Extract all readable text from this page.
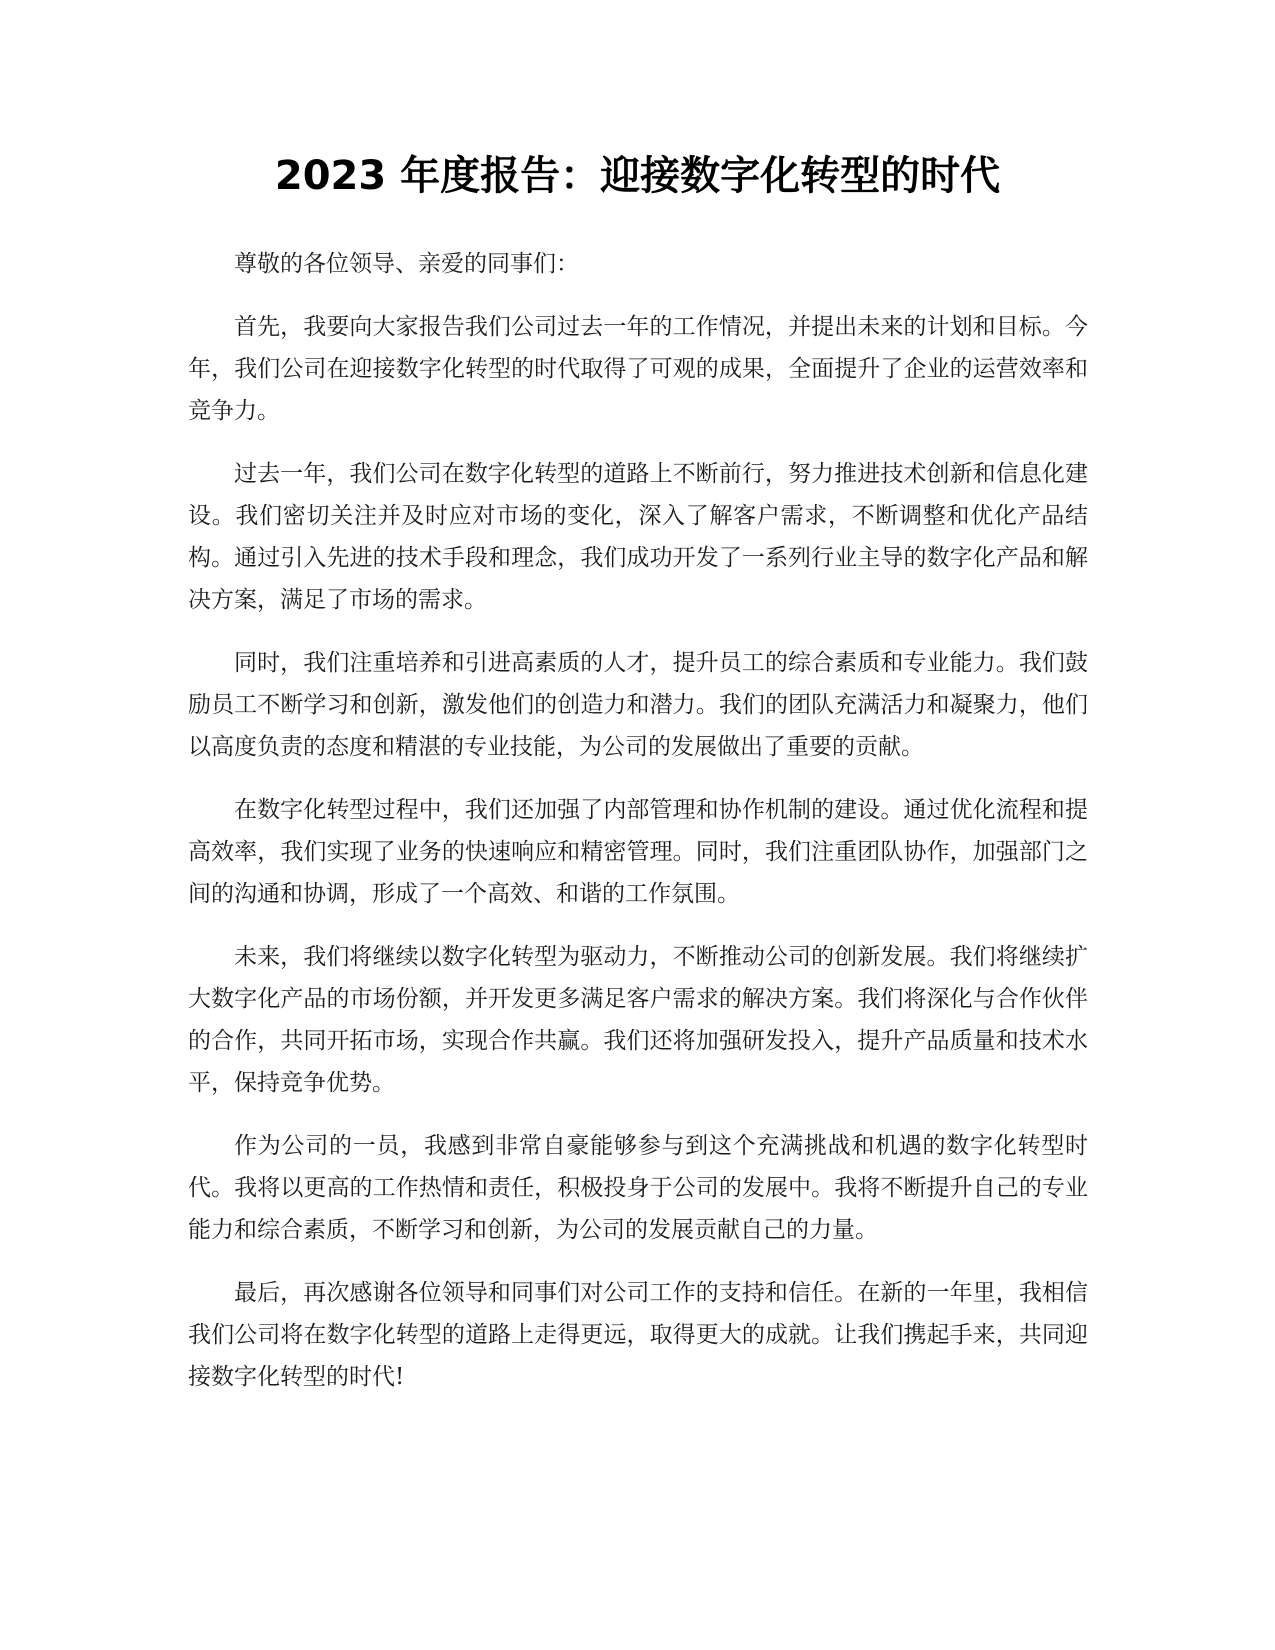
2023 年度报告：迎接数字化转型的时代

尊敬的各位领导、亲爱的同事们：

首先，我要向大家报告我们公司过去一年的工作情况，并提出未来的计划和目标。今年，我们公司在迎接数字化转型的时代取得了可观的成果，全面提升了企业的运营效率和竞争力。

过去一年，我们公司在数字化转型的道路上不断前行，努力推进技术创新和信息化建设。我们密切关注并及时应对市场的变化，深入了解客户需求，不断调整和优化产品结构。通过引入先进的技术手段和理念，我们成功开发了一系列行业主导的数字化产品和解决方案，满足了市场的需求。

同时，我们注重培养和引进高素质的人才，提升员工的综合素质和专业能力。我们鼓励员工不断学习和创新，激发他们的创造力和潜力。我们的团队充满活力和凝聚力，他们以高度负责的态度和精湛的专业技能，为公司的发展做出了重要的贡献。

在数字化转型过程中，我们还加强了内部管理和协作机制的建设。通过优化流程和提高效率，我们实现了业务的快速响应和精密管理。同时，我们注重团队协作，加强部门之间的沟通和协调，形成了一个高效、和谐的工作氛围。

未来，我们将继续以数字化转型为驱动力，不断推动公司的创新发展。我们将继续扩大数字化产品的市场份额，并开发更多满足客户需求的解决方案。我们将深化与合作伙伴的合作，共同开拓市场，实现合作共赢。我们还将加强研发投入，提升产品质量和技术水平，保持竞争优势。

作为公司的一员，我感到非常自豪能够参与到这个充满挑战和机遇的数字化转型时代。我将以更高的工作热情和责任，积极投身于公司的发展中。我将不断提升自己的专业能力和综合素质，不断学习和创新，为公司的发展贡献自己的力量。

最后，再次感谢各位领导和同事们对公司工作的支持和信任。在新的一年里，我相信我们公司将在数字化转型的道路上走得更远，取得更大的成就。让我们携起手来，共同迎接数字化转型的时代!
